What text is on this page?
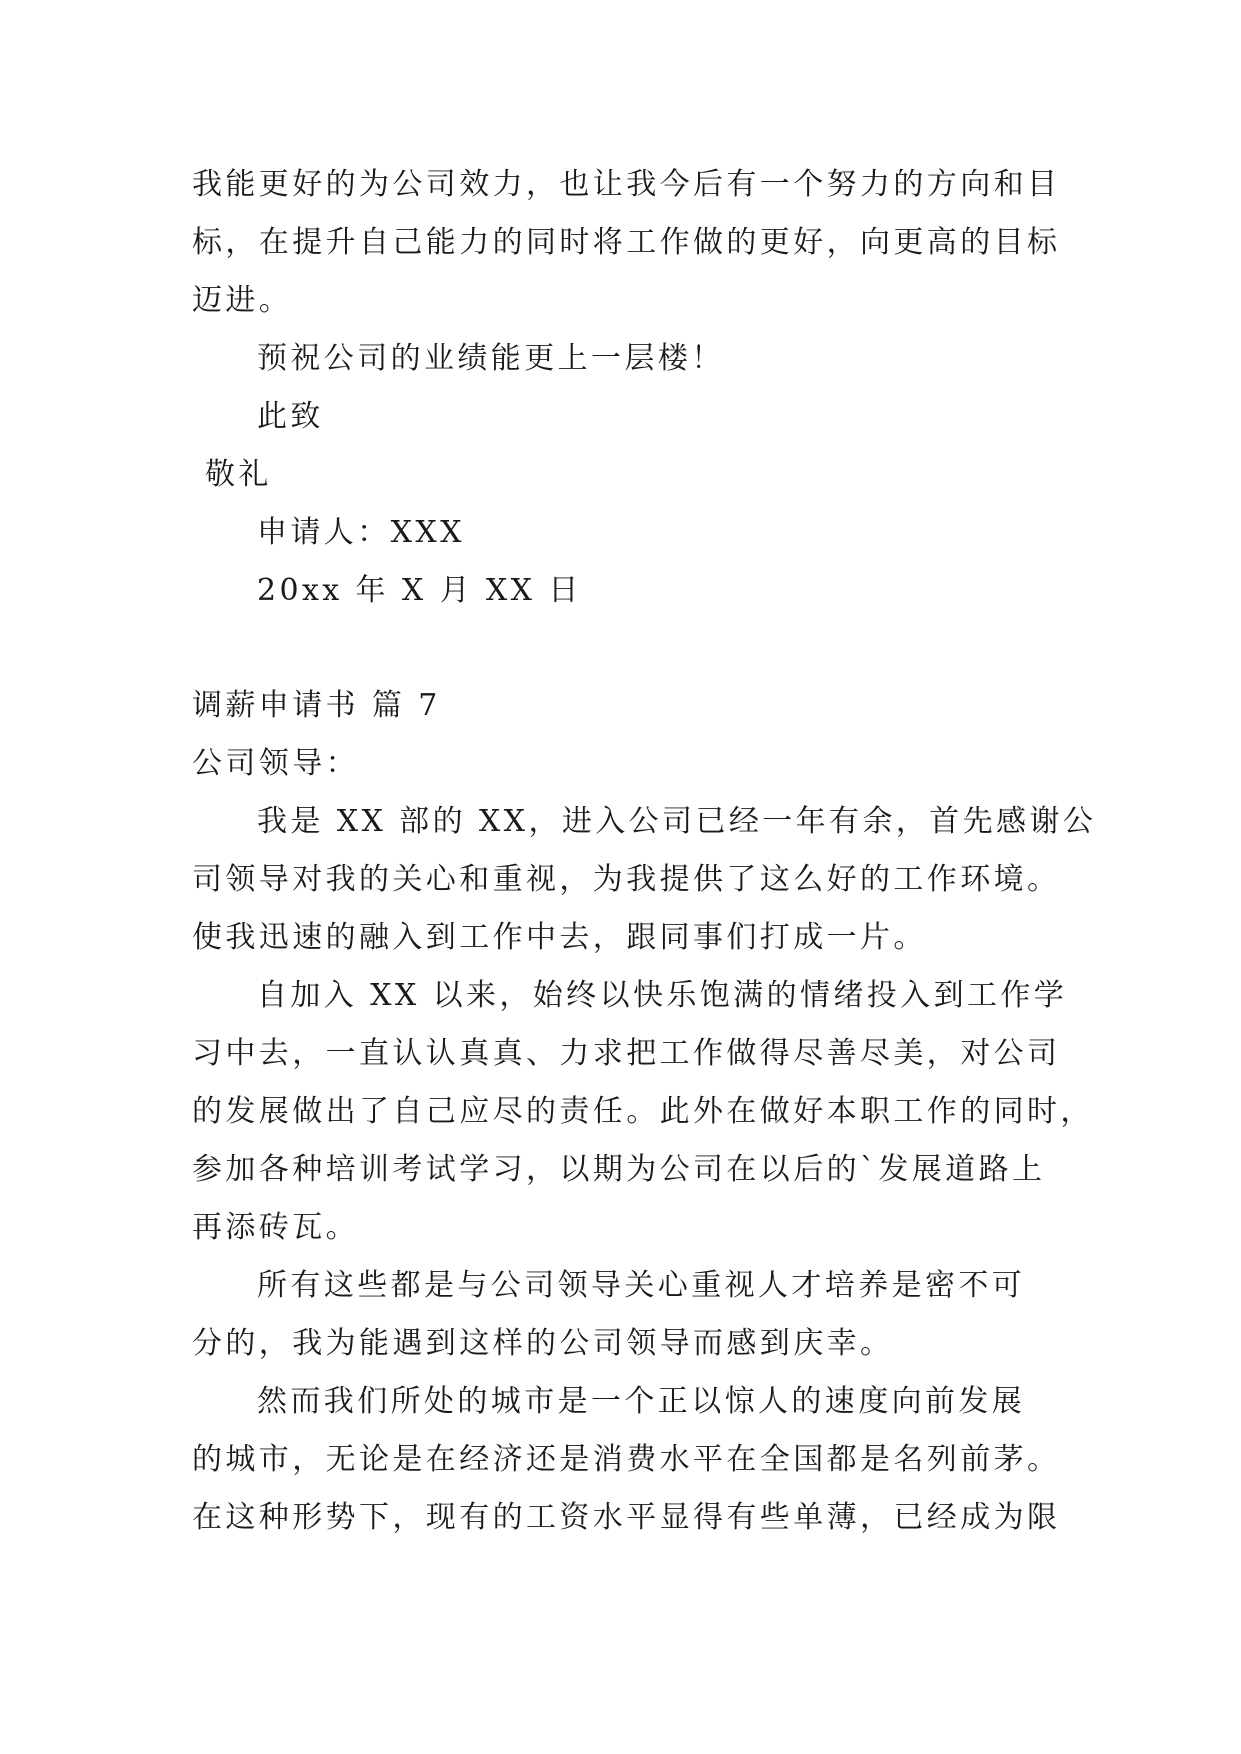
我能更好的为公司效力，也让我今后有一个努力的方向和目
标，在提升自己能力的同时将工作做的更好，向更高的目标
迈进。
预祝公司的业绩能更上一层楼！
此致
敬礼
申请人：XXX
20xx 年 X 月 XX 日
调薪申请书 篇 7
公司领导：
我是 XX 部的 XX，进入公司已经一年有余，首先感谢公
司领导对我的关心和重视，为我提供了这么好的工作环境。
使我迅速的融入到工作中去，跟同事们打成一片。
自加入 XX 以来，始终以快乐饱满的情绪投入到工作学
习中去，一直认认真真、力求把工作做得尽善尽美，对公司
的发展做出了自己应尽的责任。此外在做好本职工作的同时，
参加各种培训考试学习，以期为公司在以后的`发展道路上
再添砖瓦。
所有这些都是与公司领导关心重视人才培养是密不可
分的，我为能遇到这样的公司领导而感到庆幸。
然而我们所处的城市是一个正以惊人的速度向前发展
的城市，无论是在经济还是消费水平在全国都是名列前茅。
在这种形势下，现有的工资水平显得有些单薄，已经成为限
